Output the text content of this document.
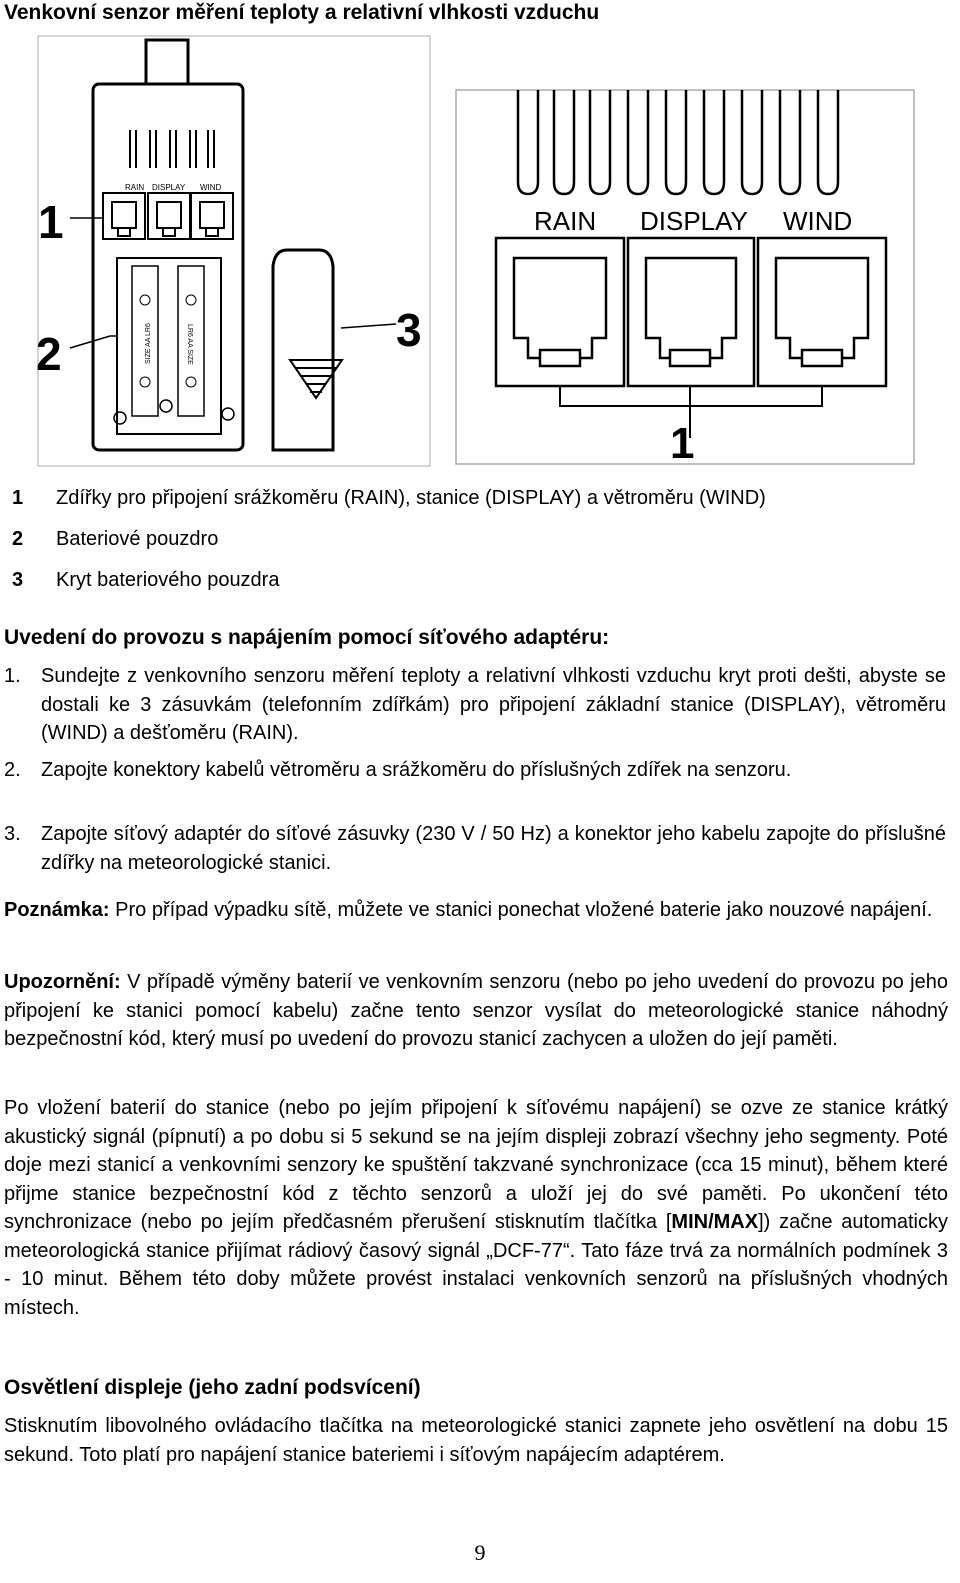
Venkovní senzor měření teploty a relativní vlhkosti vzduchu
RAIN DISPLAY WIND
SIZE AA LR6	LR6 AA SIZE
1
2	3
RAIN DISPLAY WIND
1
1	Zdířky pro připojení srážkoměru (RAIN), stanice (DISPLAY) a větroměru (WIND)
2	Bateriové pouzdro
3	Kryt bateriového pouzdra
Uvedení do provozu s napájením pomocí síťového adaptéru:
1.	Sundejte z venkovního senzoru měření teploty a relativní vlhkosti vzduchu kryt proti dešti, abyste se dostali ke 3 zásuvkám (telefonním zdířkám) pro připojení základní stanice (DISPLAY), větroměru (WIND) a dešťoměru (RAIN).
2.	Zapojte konektory kabelů větroměru a srážkoměru do příslušných zdířek na senzoru.
3.	Zapojte síťový adaptér do síťové zásuvky (230 V / 50 Hz) a konektor jeho kabelu zapojte do příslušné zdířky na meteorologické stanici.
Poznámka: Pro případ výpadku sítě, můžete ve stanici ponechat vložené baterie jako nouzové napájení.
Upozornění: V případě výměny baterií ve venkovním senzoru (nebo po jeho uvedení do provozu po jeho připojení ke stanici pomocí kabelu) začne tento senzor vysílat do meteorologické stanice náhodný bezpečnostní kód, který musí po uvedení do provozu stanicí zachycen a uložen do její paměti.
Po vložení baterií do stanice (nebo po jejím připojení k síťovému napájení) se ozve ze stanice krátký akustický signál (pípnutí) a po dobu si 5 sekund se na jejím displeji zobrazí všechny jeho segmenty. Poté doje mezi stanicí a venkovními senzory ke spuštění takzvané synchronizace (cca 15 minut), během které přijme stanice bezpečnostní kód z těchto senzorů a uloží jej do své paměti. Po ukončení této synchronizace (nebo po jejím předčasném přerušení stisknutím tlačítka [MIN/MAX]) začne automaticky meteorologická stanice přijímat rádiový časový signál „DCF-77“. Tato fáze trvá za normálních podmínek 3 - 10 minut. Během této doby můžete provést instalaci venkovních senzorů na příslušných vhodných místech.
Osvětlení displeje (jeho zadní podsvícení)
Stisknutím libovolného ovládacího tlačítka na meteorologické stanici zapnete jeho osvětlení na dobu 15 sekund. Toto platí pro napájení stanice bateriemi i síťovým napájecím adaptérem.
9
